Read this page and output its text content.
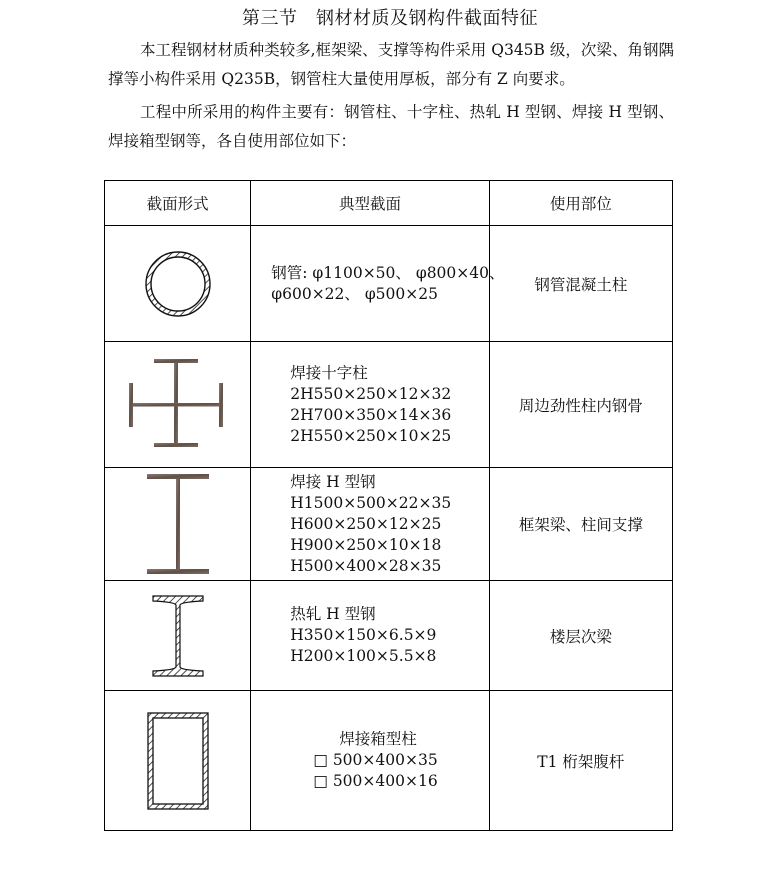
第三节　钢材材质及钢构件截面特征
本工程钢材材质种类较多,框架梁、支撑等构件采用 Q345B 级，次梁、角钢隅撑等小构件采用 Q235B，钢管柱大量使用厚板，部分有 Z 向要求。
工程中所采用的构件主要有：钢管柱、十字柱、热轧 H 型钢、焊接 H 型钢、焊接箱型钢等，各自使用部位如下：
截面形式	典型截面	使用部位

钢管: φ1100×50、 φ800×40、
φ600×22、 φ500×25	钢管混凝土柱

焊接十字柱
2H550×250×12×32
2H700×350×14×36
2H550×250×10×25	周边劲性柱内钢骨

焊接 H 型钢
H1500×500×22×35
H600×250×12×25
H900×250×10×18
H500×400×28×35	框架梁、柱间支撑

热轧 H 型钢
H350×150×6.5×9
H200×100×5.5×8	楼层次梁

焊接箱型柱
□ 500×400×35
□ 500×400×16	T1 桁架腹杆
